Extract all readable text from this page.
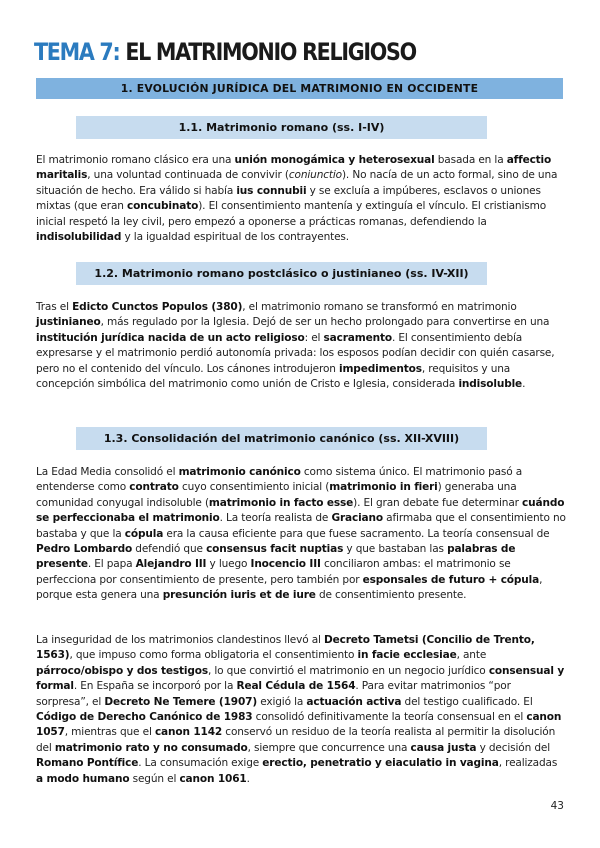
TEMA 7: EL MATRIMONIO RELIGIOSO
1. EVOLUCIÓN JURÍDICA DEL MATRIMONIO EN OCCIDENTE
1.1. Matrimonio romano (ss. I-IV)

El matrimonio romano clásico era una unión monogámica y heterosexual basada en la affectio maritalis, una voluntad continuada de convivir (coniunctio). No nacía de un acto formal, sino de una situación de hecho. Era válido si había ius connubii y se excluía a impúberes, esclavos o uniones mixtas (que eran concubinato). El consentimiento mantenía y extinguía el vínculo. El cristianismo inicial respetó la ley civil, pero empezó a oponerse a prácticas romanas, defendiendo la indisolubilidad y la igualdad espiritual de los contrayentes.

1.2. Matrimonio romano postclásico o justinianeo (ss. IV-XII)

Tras el Edicto Cunctos Populos (380), el matrimonio romano se transformó en matrimonio justinianeo, más regulado por la Iglesia. Dejó de ser un hecho prolongado para convertirse en una institución jurídica nacida de un acto religioso: el sacramento. El consentimiento debía expresarse y el matrimonio perdió autonomía privada: los esposos podían decidir con quién casarse, pero no el contenido del vínculo. Los cánones introdujeron impedimentos, requisitos y una concepción simbólica del matrimonio como unión de Cristo e Iglesia, considerada indisoluble.

1.3. Consolidación del matrimonio canónico (ss. XII-XVIII)

La Edad Media consolidó el matrimonio canónico como sistema único. El matrimonio pasó a entenderse como contrato cuyo consentimiento inicial (matrimonio in fieri) generaba una comunidad conyugal indisoluble (matrimonio in facto esse). El gran debate fue determinar cuándo se perfeccionaba el matrimonio. La teoría realista de Graciano afirmaba que el consentimiento no bastaba y que la cópula era la causa eficiente para que fuese sacramento. La teoría consensual de Pedro Lombardo defendió que consensus facit nuptias y que bastaban las palabras de presente. El papa Alejandro III y luego Inocencio III conciliaron ambas: el matrimonio se perfecciona por consentimiento de presente, pero también por esponsales de futuro + cópula, porque esta genera una presunción iuris et de iure de consentimiento presente.

La inseguridad de los matrimonios clandestinos llevó al Decreto Tametsi (Concilio de Trento, 1563), que impuso como forma obligatoria el consentimiento in facie ecclesiae, ante párroco/obispo y dos testigos, lo que convirtió el matrimonio en un negocio jurídico consensual y formal. En España se incorporó por la Real Cédula de 1564. Para evitar matrimonios “por sorpresa”, el Decreto Ne Temere (1907) exigió la actuación activa del testigo cualificado. El Código de Derecho Canónico de 1983 consolidó definitivamente la teoría consensual en el canon 1057, mientras que el canon 1142 conservó un residuo de la teoría realista al permitir la disolución del matrimonio rato y no consumado, siempre que concurrence una causa justa y decisión del Romano Pontífice. La consumación exige erectio, penetratio y eiaculatio in vagina, realizadas a modo humano según el canon 1061.

43
